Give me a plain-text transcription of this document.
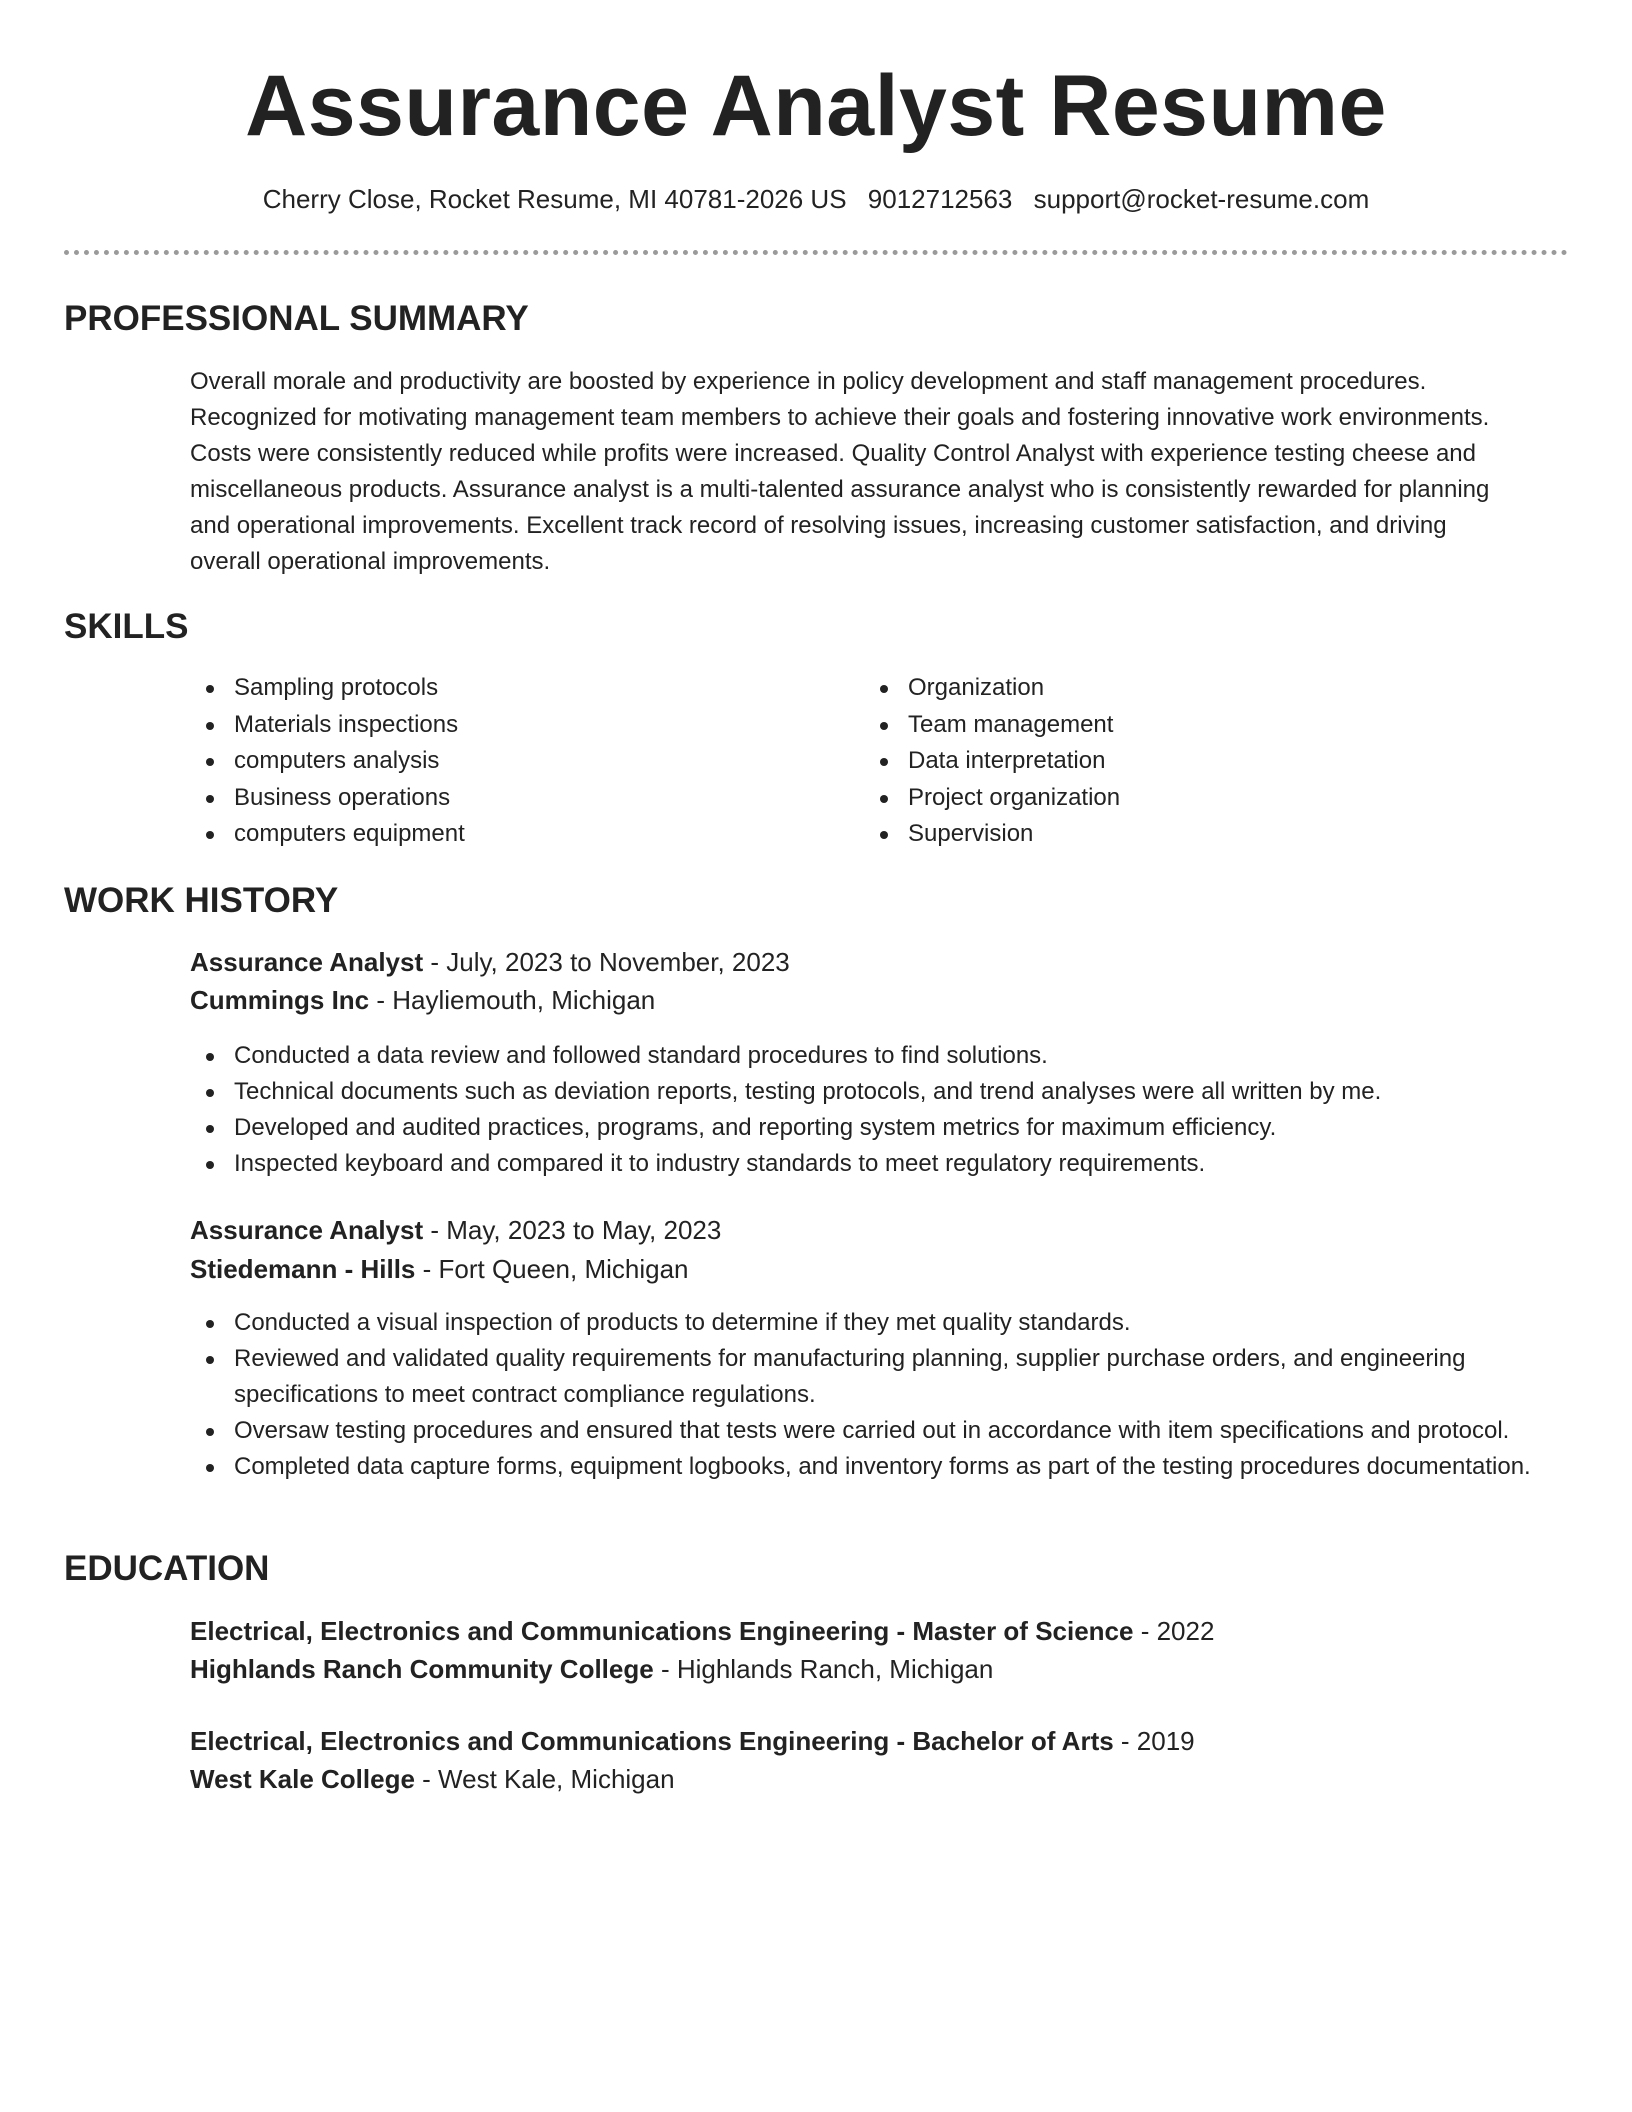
Assurance Analyst Resume
Cherry Close, Rocket Resume, MI 40781-2026 US 9012712563 support@rocket-resume.com
PROFESSIONAL SUMMARY
Overall morale and productivity are boosted by experience in policy development and staff management procedures.
Recognized for motivating management team members to achieve their goals and fostering innovative work environments.
Costs were consistently reduced while profits were increased. Quality Control Analyst with experience testing cheese and
miscellaneous products. Assurance analyst is a multi-talented assurance analyst who is consistently rewarded for planning
and operational improvements. Excellent track record of resolving issues, increasing customer satisfaction, and driving
overall operational improvements.
SKILLS
Sampling protocols
Materials inspections
computers analysis
Business operations
computers equipment
Organization
Team management
Data interpretation
Project organization
Supervision
WORK HISTORY
Assurance Analyst - July, 2023 to November, 2023
Cummings Inc - Hayliemouth, Michigan
Conducted a data review and followed standard procedures to find solutions.
Technical documents such as deviation reports, testing protocols, and trend analyses were all written by me.
Developed and audited practices, programs, and reporting system metrics for maximum efficiency.
Inspected keyboard and compared it to industry standards to meet regulatory requirements.
Assurance Analyst - May, 2023 to May, 2023
Stiedemann - Hills - Fort Queen, Michigan
Conducted a visual inspection of products to determine if they met quality standards.
Reviewed and validated quality requirements for manufacturing planning, supplier purchase orders, and engineering specifications to meet contract compliance regulations.
Oversaw testing procedures and ensured that tests were carried out in accordance with item specifications and protocol.
Completed data capture forms, equipment logbooks, and inventory forms as part of the testing procedures documentation.
EDUCATION
Electrical, Electronics and Communications Engineering - Master of Science - 2022
Highlands Ranch Community College - Highlands Ranch, Michigan
Electrical, Electronics and Communications Engineering - Bachelor of Arts - 2019
West Kale College - West Kale, Michigan
